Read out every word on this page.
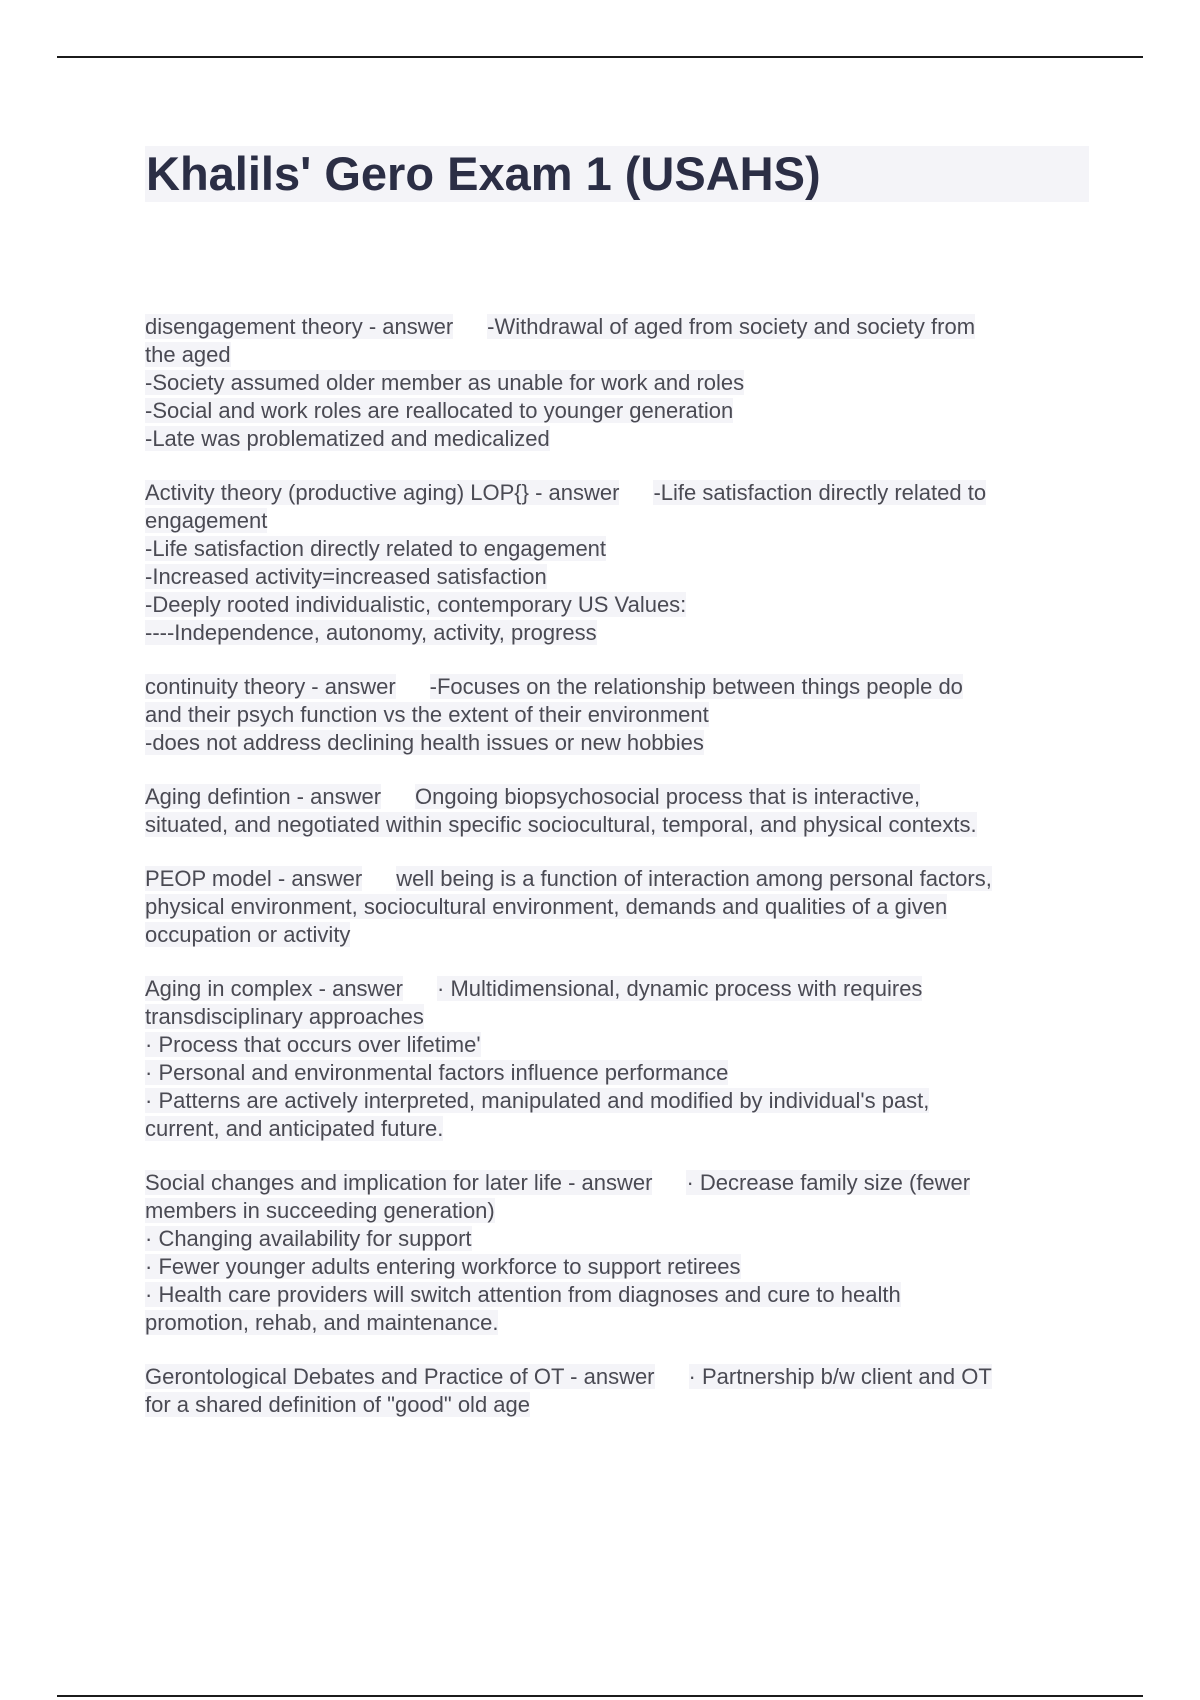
Khalils' Gero Exam 1 (USAHS)
disengagement theory - answer -Withdrawal of aged from society and society from
the aged
-Society assumed older member as unable for work and roles
-Social and work roles are reallocated to younger generation
-Late was problematized and medicalized
Activity theory (productive aging) LOP{} - answer -Life satisfaction directly related to
engagement
-Life satisfaction directly related to engagement
-Increased activity=increased satisfaction
-Deeply rooted individualistic, contemporary US Values:
----Independence, autonomy, activity, progress
continuity theory - answer -Focuses on the relationship between things people do
and their psych function vs the extent of their environment
-does not address declining health issues or new hobbies
Aging defintion - answer Ongoing biopsychosocial process that is interactive,
situated, and negotiated within specific sociocultural, temporal, and physical contexts.
PEOP model - answer well being is a function of interaction among personal factors,
physical environment, sociocultural environment, demands and qualities of a given
occupation or activity
Aging in complex - answer · Multidimensional, dynamic process with requires
transdisciplinary approaches
· Process that occurs over lifetime'
· Personal and environmental factors influence performance
· Patterns are actively interpreted, manipulated and modified by individual's past,
current, and anticipated future.
Social changes and implication for later life - answer · Decrease family size (fewer
members in succeeding generation)
· Changing availability for support
· Fewer younger adults entering workforce to support retirees
· Health care providers will switch attention from diagnoses and cure to health
promotion, rehab, and maintenance.
Gerontological Debates and Practice of OT - answer · Partnership b/w client and OT
for a shared definition of "good" old age
